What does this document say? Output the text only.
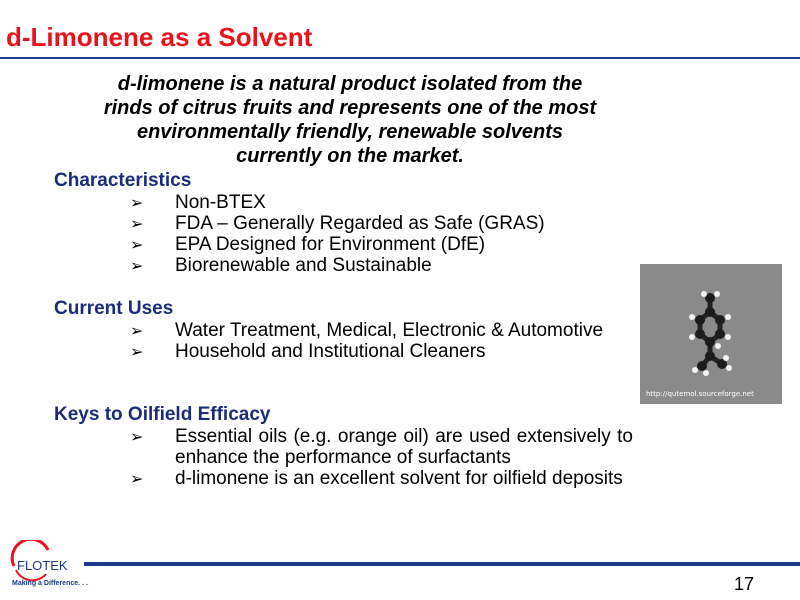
d-Limonene as a Solvent
d-limonene is a natural product isolated from the rinds of citrus fruits and represents one of the most environmentally friendly, renewable solvents currently on the market.
Characteristics
➢ Non-BTEX
➢ FDA – Generally Regarded as Safe (GRAS)
➢ EPA Designed for Environment (DfE)
➢ Biorenewable and Sustainable
Current Uses
➢ Water Treatment, Medical, Electronic & Automotive
➢ Household and Institutional Cleaners
Keys to Oilfield Efficacy
➢ Essential oils (e.g. orange oil) are used extensively to enhance the performance of surfactants
➢ d-limonene is an excellent solvent for oilfield deposits
http://qutemol.sourceforge.net
FLOTEK
Making a Difference. . .	17
